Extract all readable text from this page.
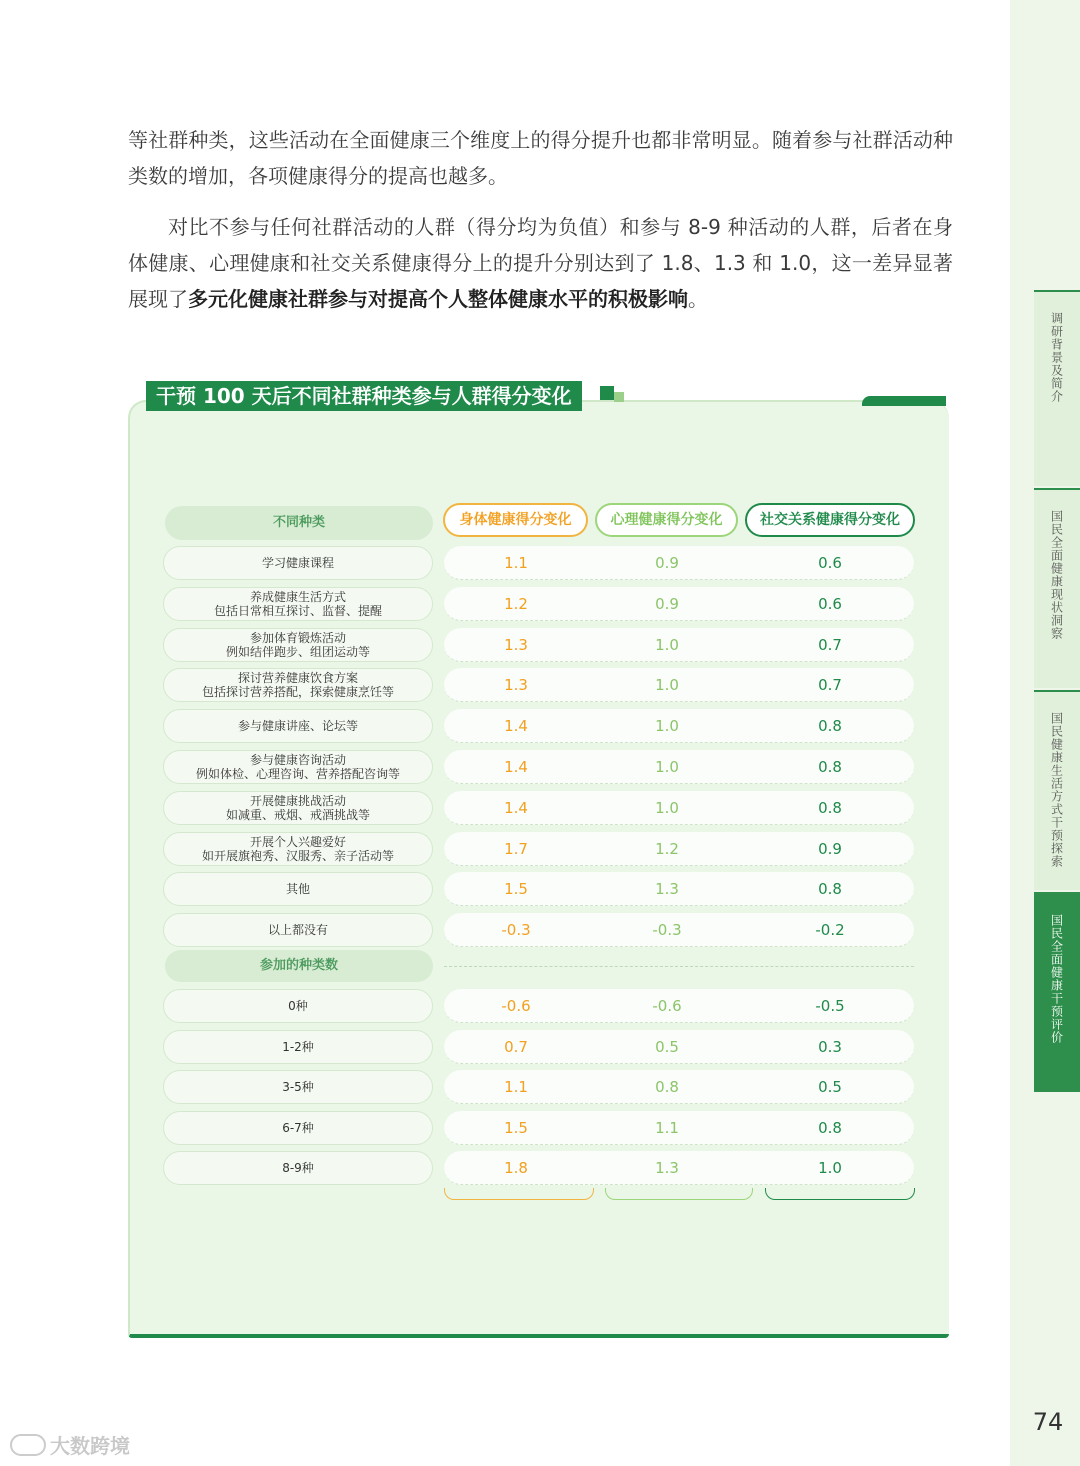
调研背景及简介
国民全面健康现状洞察
国民健康生活方式干预探索
国民全面健康干预评价
74

等社群种类，这些活动在全面健康三个维度上的得分提升也都非常明显。随着参与社群活动种类数的增加，各项健康得分的提高也越多。

对比不参与任何社群活动的人群（得分均为负值）和参与 8-9 种活动的人群，后者在身体健康、心理健康和社交关系健康得分上的提升分别达到了 1.8、1.3 和 1.0，这一差异显著展现了多元化健康社群参与对提高个人整体健康水平的积极影响。

干预 100 天后不同社群种类参与人群得分变化
不同种类	身体健康得分变化	心理健康得分变化	社交关系健康得分变化
学习健康课程	1.1	0.9	0.6
养成健康生活方式
包括日常相互探讨、监督、提醒	1.2	0.9	0.6
参加体育锻炼活动
例如结伴跑步、组团运动等	1.3	1.0	0.7
探讨营养健康饮食方案
包括探讨营养搭配，探索健康烹饪等	1.3	1.0	0.7
参与健康讲座、论坛等	1.4	1.0	0.8
参与健康咨询活动
例如体检、心理咨询、营养搭配咨询等	1.4	1.0	0.8
开展健康挑战活动
如减重、戒烟、戒酒挑战等	1.4	1.0	0.8
开展个人兴趣爱好
如开展旗袍秀、汉服秀、亲子活动等	1.7	1.2	0.9
其他	1.5	1.3	0.8
以上都没有	-0.3	-0.3	-0.2
参加的种类数
0种	-0.6	-0.6	-0.5
1-2种	0.7	0.5	0.3
3-5种	1.1	0.8	0.5
6-7种	1.5	1.1	0.8
8-9种	1.8	1.3	1.0
大数跨境
